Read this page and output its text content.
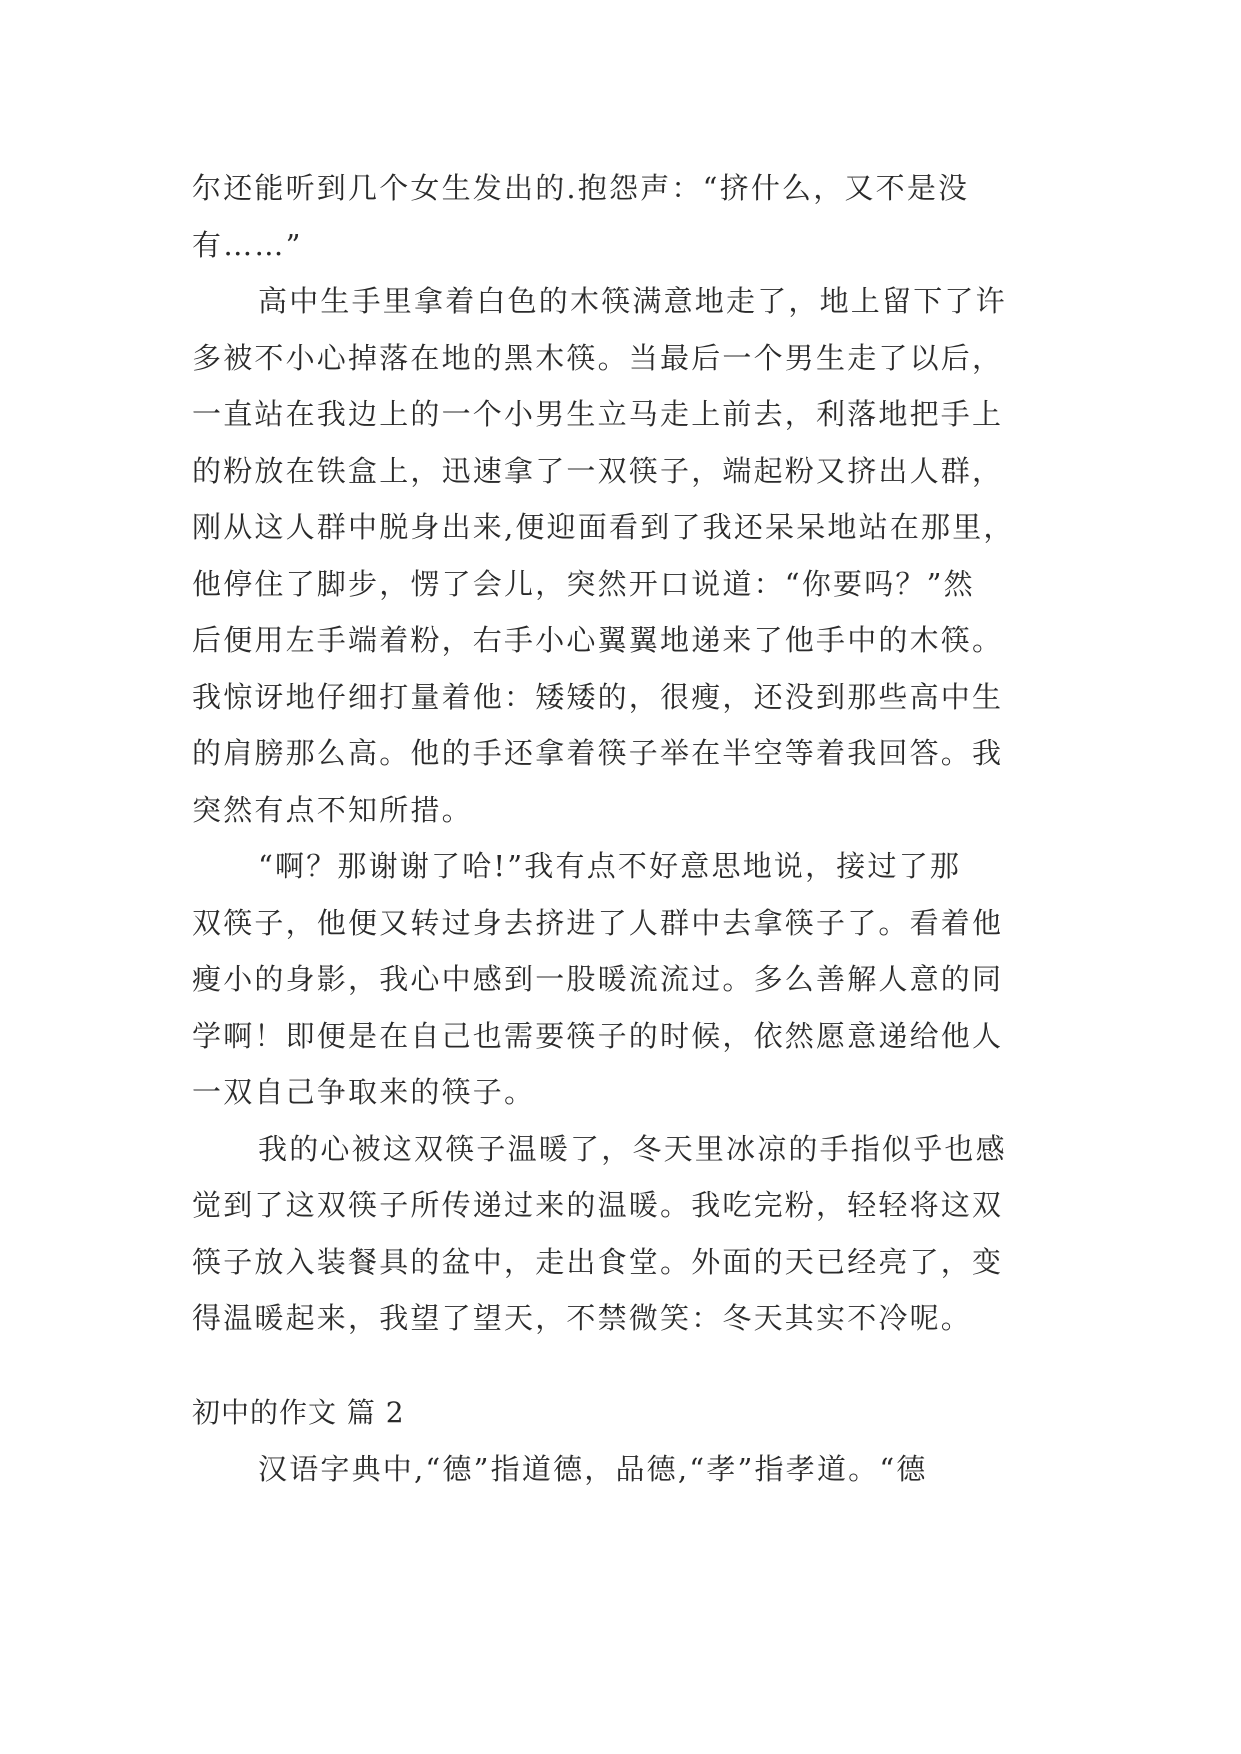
尔还能听到几个女生发出的.抱怨声：“挤什么，又不是没
有……”
高中生手里拿着白色的木筷满意地走了，地上留下了许
多被不小心掉落在地的黑木筷。当最后一个男生走了以后，
一直站在我边上的一个小男生立马走上前去，利落地把手上
的粉放在铁盒上，迅速拿了一双筷子，端起粉又挤出人群，
刚从这人群中脱身出来,便迎面看到了我还呆呆地站在那里，
他停住了脚步，愣了会儿，突然开口说道：“你要吗？”然
后便用左手端着粉，右手小心翼翼地递来了他手中的木筷。
我惊讶地仔细打量着他：矮矮的，很瘦，还没到那些高中生
的肩膀那么高。他的手还拿着筷子举在半空等着我回答。我
突然有点不知所措。
“啊？那谢谢了哈!”我有点不好意思地说，接过了那
双筷子，他便又转过身去挤进了人群中去拿筷子了。看着他
瘦小的身影，我心中感到一股暖流流过。多么善解人意的同
学啊！即便是在自己也需要筷子的时候，依然愿意递给他人
一双自己争取来的筷子。
我的心被这双筷子温暖了，冬天里冰凉的手指似乎也感
觉到了这双筷子所传递过来的温暖。我吃完粉，轻轻将这双
筷子放入装餐具的盆中，走出食堂。外面的天已经亮了，变
得温暖起来，我望了望天，不禁微笑：冬天其实不冷呢。
初中的作文 篇 2
汉语字典中,“德”指道德，品德,“孝”指孝道。“德
